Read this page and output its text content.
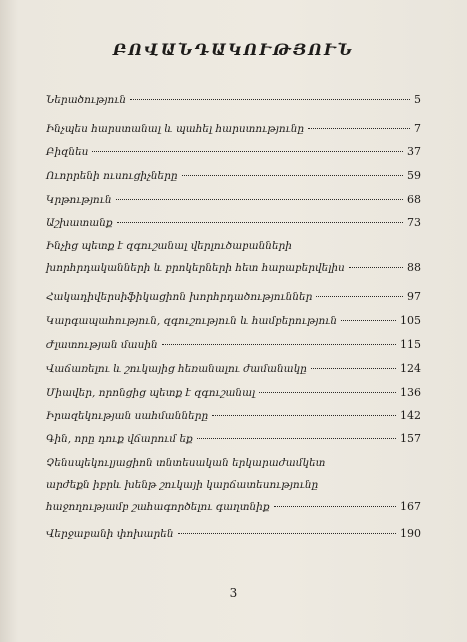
ԲՈՎԱՆԴԱԿՈՒԹՅՈՒՆ
Ներածություն	5
Ինչպես հարստանալ և պահել հարստությունը	7
Բիզնես	37
Ուորրենի ուսուցիչները	59
Կրթություն	68
Աշխատանք	73
Ինչից պետք է զգուշանալ վերլուծաբանների
խորհրդականների և բրոկերների հետ հարաբերվելիս	88
Հակադիվերսիֆիկացիոն խորհրդածություններ	97
Կարգապահություն, զգուշություն և համբերություն	105
Ժլատության մասին	115
Վաճառելու և շուկայից հեռանալու ժամանակը	124
Միավեր, որոնցից պետք է զգուշանալ	136
Իրազեկության սահմանները	142
Գին, որը դուք վճարում եք	157
Չենսպեկուլյացիոն տնտեսական երկարաժամկետ
արժեքն իբրև խենթ շուկայի կարճատեսությունը
հաջողությամբ շահագործելու գաղտնիք	167
Վերջաբանի փոխարեն	190
3
